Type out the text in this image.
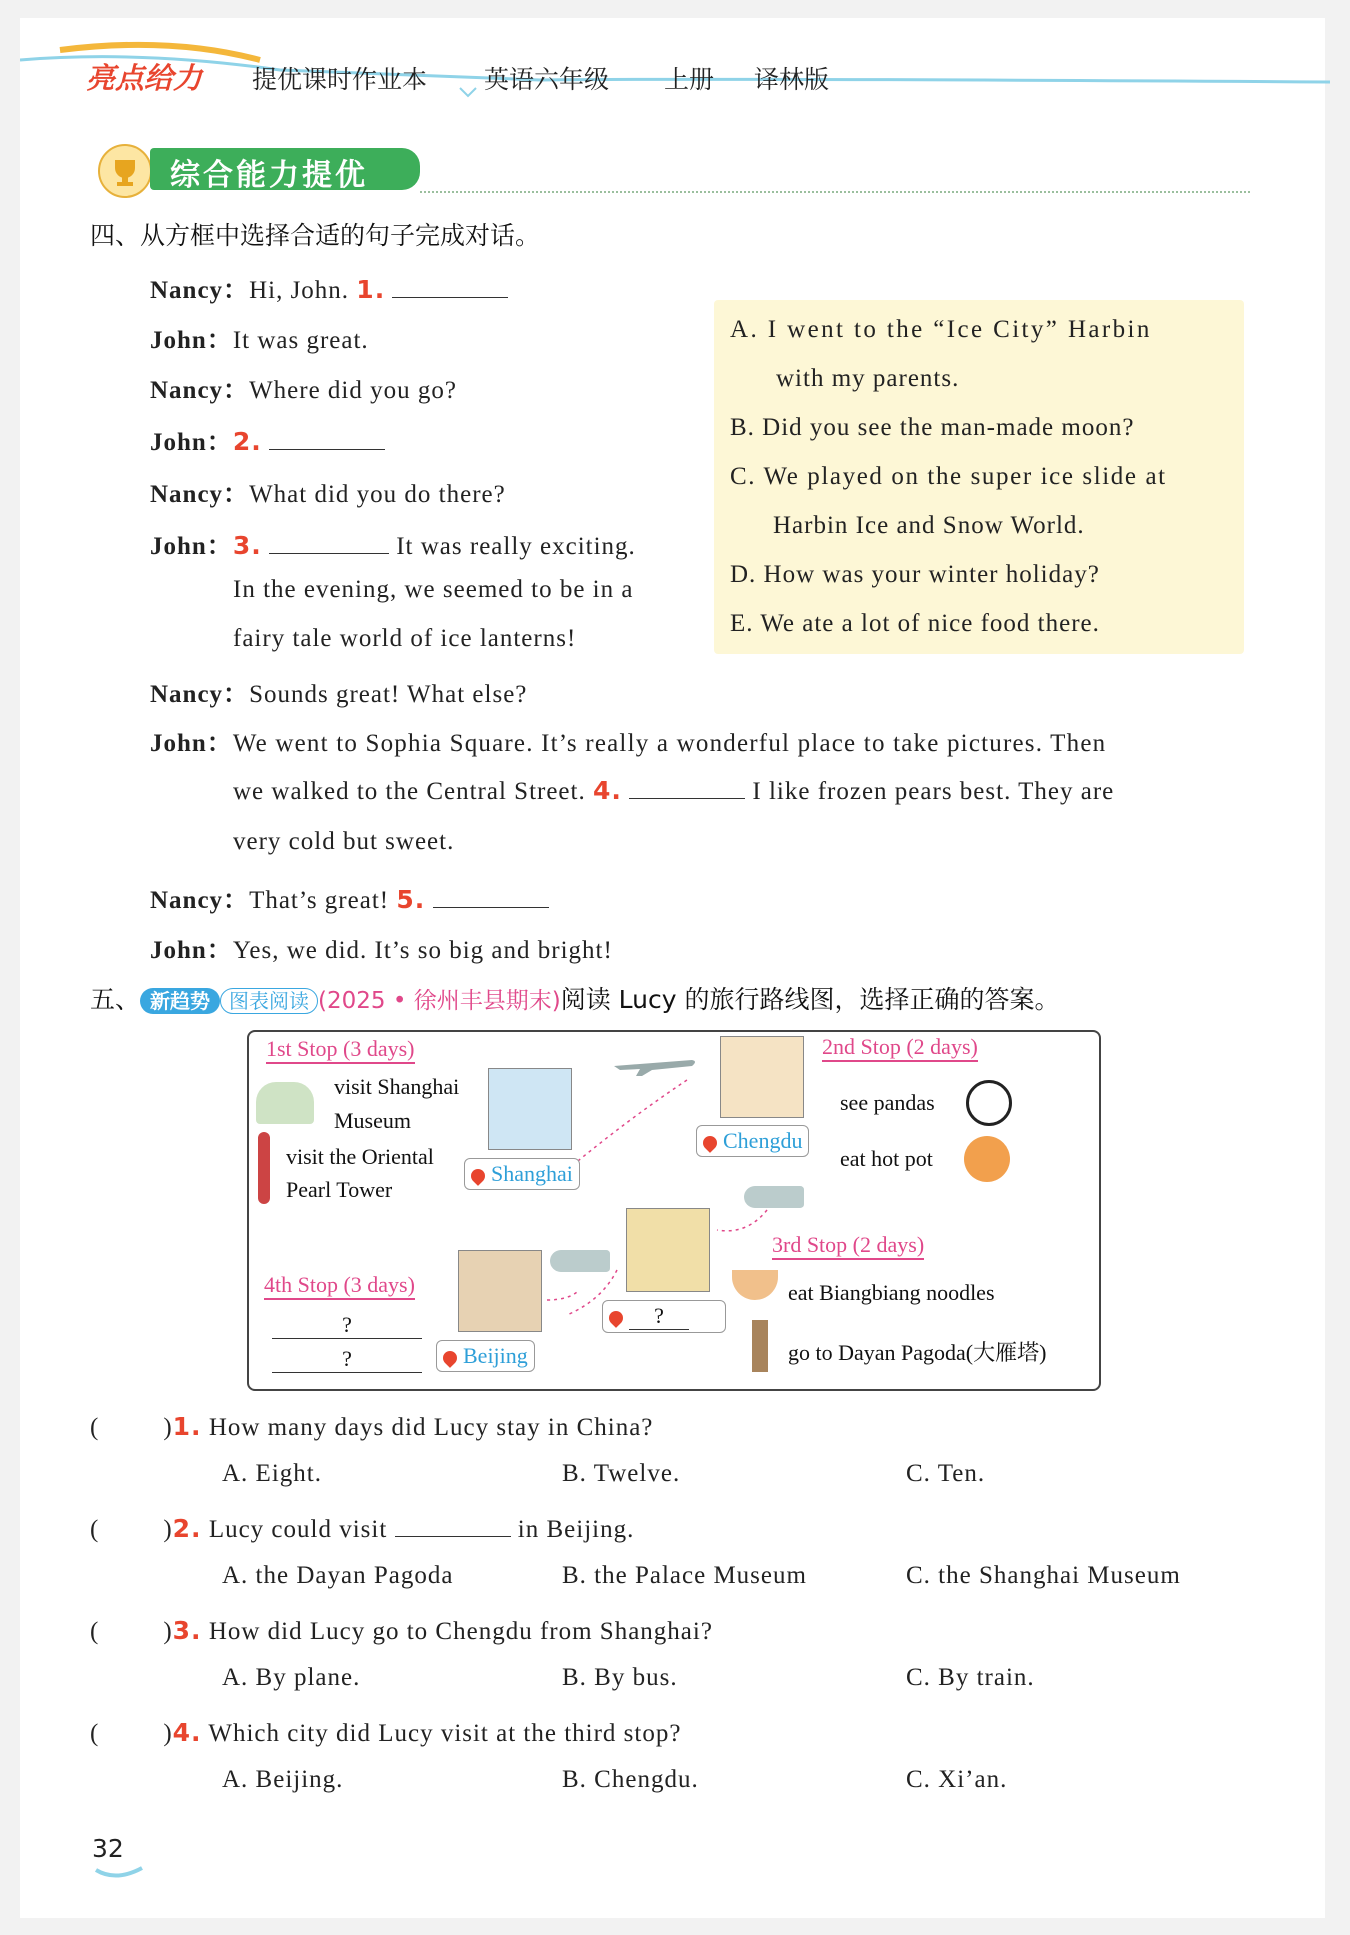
亮点给力 提优课时作业本 英语六年级 上册 译林版
综合能力提优
四、从方框中选择合适的句子完成对话。
Nancy：Hi, John. 1.
John：It was great.
Nancy：Where did you go?
John：2.
Nancy：What did you do there?
John：3.	It was really exciting.
In the evening, we seemed to be in a
fairy tale world of ice lanterns!
Nancy：Sounds great! What else?
John：We went to Sophia Square. It’s really a wonderful place to take pictures. Then
we walked to the Central Street. 4.	I like frozen pears best. They are
very cold but sweet.
Nancy：That’s great! 5.
John：Yes, we did. It’s so big and bright!
A. I went to the “Ice City” Harbin
with my parents.
B. Did you see the man-made moon?
C. We played on the super ice slide at
Harbin Ice and Snow World.
D. How was your winter holiday?
E. We ate a lot of nice food there.
五、 新趋势 图表阅读 (2025 • 徐州丰县期末)阅读 Lucy 的旅行路线图，选择正确的答案。
1st Stop (3 days)
visit Shanghai
Museum
visit the Oriental
Pearl Tower
Shanghai
Chengdu
2nd Stop (2 days)
see pandas
eat hot pot
3rd Stop (2 days)
?
eat Biangbiang noodles
go to Dayan Pagoda(大雁塔)
4th Stop (3 days)
?
?	Beijing
(	)1. How many days did Lucy stay in China?
A. Eight.	B. Twelve.	C. Ten.
(	)2. Lucy could visit	in Beijing.
A. the Dayan Pagoda	B. the Palace Museum	C. the Shanghai Museum
(	)3. How did Lucy go to Chengdu from Shanghai?
A. By plane.	B. By bus.	C. By train.
(	)4. Which city did Lucy visit at the third stop?
A. Beijing.	B. Chengdu.	C. Xi’an.
32
